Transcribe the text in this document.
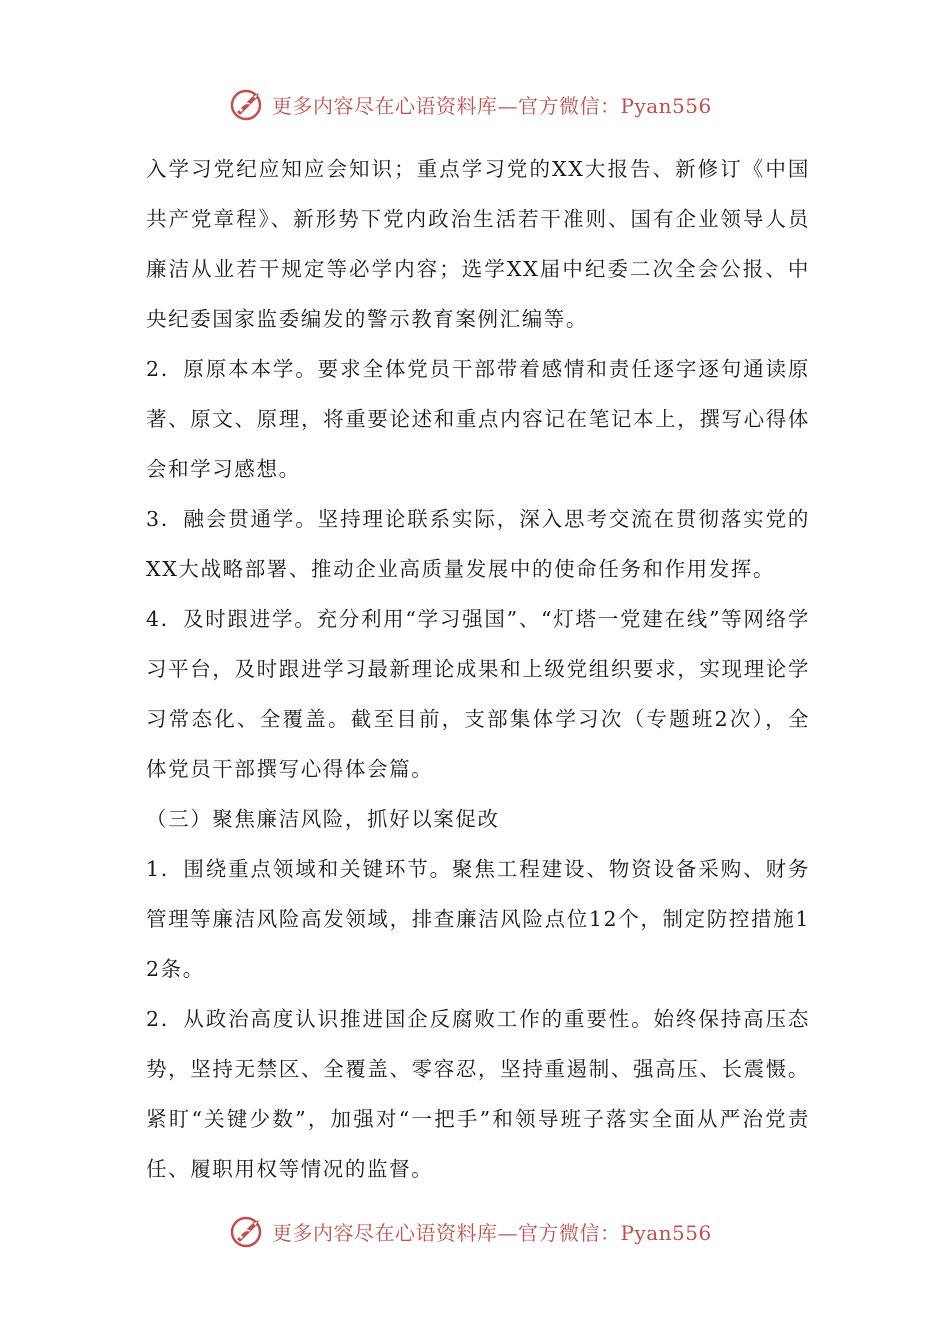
更多内容尽在心语资料库—官方微信：Pyan556

入学习党纪应知应会知识；重点学习党的XX大报告、新修订《中国共产党章程》、新形势下党内政治生活若干准则、国有企业领导人员廉洁从业若干规定等必学内容；选学XX届中纪委二次全会公报、中央纪委国家监委编发的警示教育案例汇编等。

2．原原本本学。要求全体党员干部带着感情和责任逐字逐句通读原著、原文、原理，将重要论述和重点内容记在笔记本上，撰写心得体会和学习感想。

3．融会贯通学。坚持理论联系实际，深入思考交流在贯彻落实党的XX大战略部署、推动企业高质量发展中的使命任务和作用发挥。

4．及时跟进学。充分利用“学习强国”、“灯塔一党建在线”等网络学习平台，及时跟进学习最新理论成果和上级党组织要求，实现理论学习常态化、全覆盖。截至目前，支部集体学习次（专题班2次），全体党员干部撰写心得体会篇。

（三）聚焦廉洁风险，抓好以案促改

1．围绕重点领域和关键环节。聚焦工程建设、物资设备采购、财务管理等廉洁风险高发领域，排查廉洁风险点位12个，制定防控措施12条。

2．从政治高度认识推进国企反腐败工作的重要性。始终保持高压态势，坚持无禁区、全覆盖、零容忍，坚持重遏制、强高压、长震慑。紧盯“关键少数”，加强对“一把手”和领导班子落实全面从严治党责任、履职用权等情况的监督。

更多内容尽在心语资料库—官方微信：Pyan556
